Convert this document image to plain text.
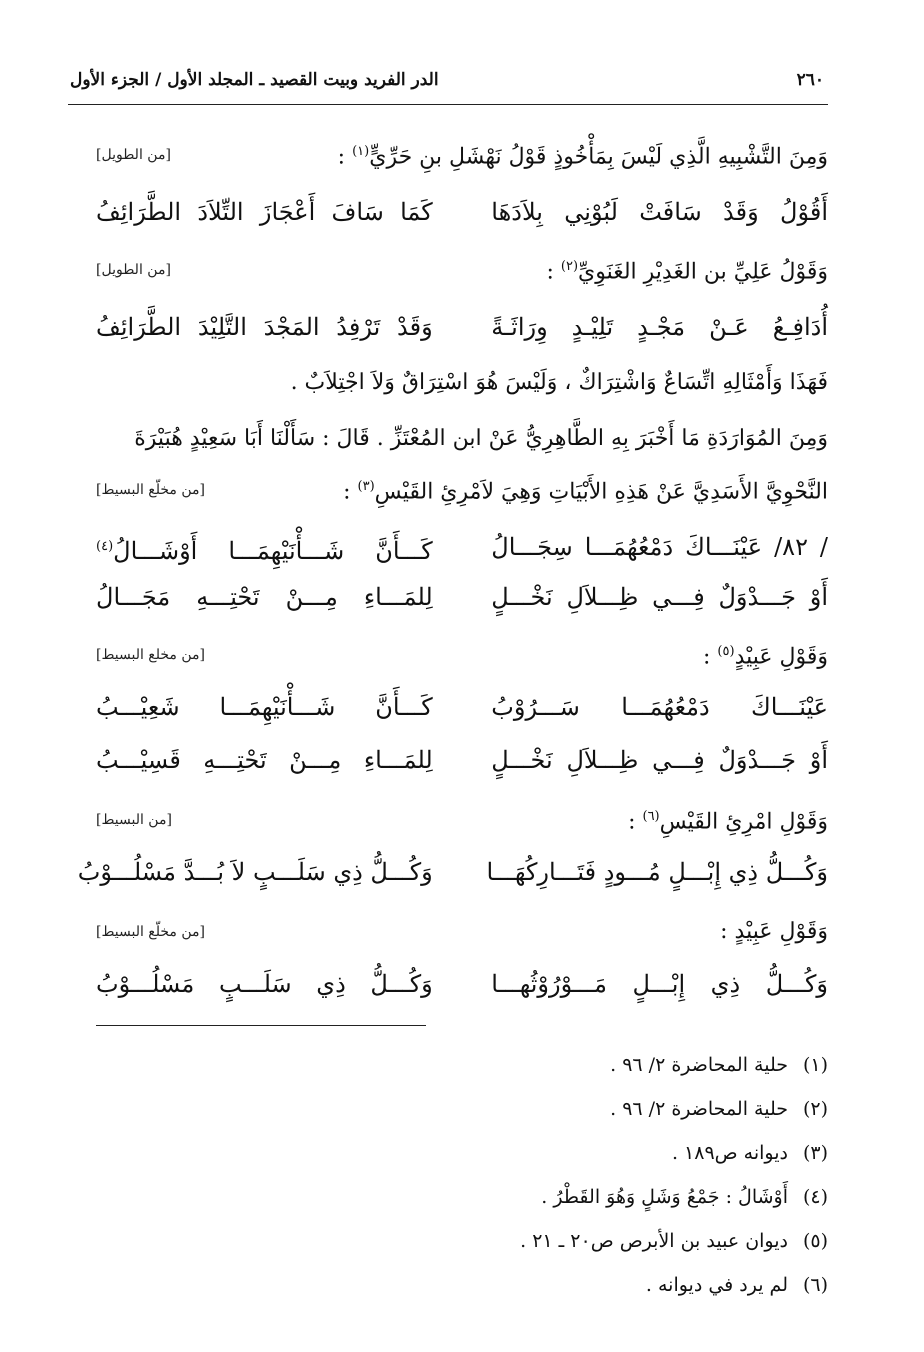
٢٦٠
الدر الفريد وبيت القصيد ـ المجلد الأول / الجزء الأول
وَمِنَ التَّشْبِيهِ الَّذِي لَيْسَ بِمَأْخُوذٍ قَوْلُ نَهْشَلِ بنِ حَرِّيٍّ$^{(١)}$ :
[من الطويل]
أَقُوْلُ وَقَدْ سَافَتْ لَبُوْنِي بِلاَدَهَا
كَمَا سَافَ أَعْجَازَ التِّلاَدَ الطَّرَائِفُ
وَقَوْلُ عَلِيِّ بن الغَدِيْرِ الغَنَوِيِّ$^{(٢)}$ :
[من الطويل]
أُدَافِـعُ عَـنْ مَجْـدٍ تَلِيْـدٍ وِرَاثَـةً
وَقَدْ تَرْفِدُ المَجْدَ التَّلِيْدَ الطَّرَائِفُ
فَهَذَا وَأَمْثَالِهِ اتِّسَاعٌ وَاشْتِرَاكٌ ، وَلَيْسَ هُوَ اسْتِرَاقٌ وَلاَ اجْتِلاَبٌ .
وَمِنَ المُوَارَدَةِ مَا أَخْبَرَ بِهِ الطَّاهِرِيُّ عَنْ ابن المُعْتَزِّ . قَالَ : سَأَلْنَا أَبَا سَعِيْدٍ هُبَيْرَةَ
النَّحْوِيَّ الأَسَدِيَّ عَنْ هَذِهِ الأَبْيَاتِ وَهِيَ لاَمْرِئِ القَيْسِ$^{(٣)}$ :
[من مخلّع البسيط]
/ ٨٢/ عَيْنَـــاكَ دَمْعُهُمَـــا سِجَـــالُ
كَـــأَنَّ شَـــأْنَيْهِمَـــا أَوْشَـــالُ$^{(٤)}$
أَوْ جَـــدْوَلٌ فِـــي ظِـــلاَلِ نَخْـــلٍ
لِلمَـــاءِ مِـــنْ تَحْتِـــهِ مَجَـــالُ
وَقَوْلِ عَبِيْدٍ$^{(٥)}$ :
[من مخلع البسيط]
عَيْنَـــاكَ دَمْعُهُمَـــا سَـــرُوْبُ
كَـــأَنَّ شَـــأْنَيْهِمَـــا شَعِيْـــبُ
أَوْ جَـــدْوَلٌ فِـــي ظِـــلاَلِ نَخْـــلٍ
لِلمَـــاءِ مِـــنْ تَحْتِـــهِ قَسِيْـــبُ
وَقَوْلِ امْرِئِ القَيْسِ$^{(٦)}$ :
[من البسيط]
وَكُـــلُّ ذِي إِبْـــلٍ مُـــودٍ فَتَـــارِكُهَـــا
وَكُـــلُّ ذِي سَلَـــبٍ لاَ بُـــدَّ مَسْلُـــوْبُ
وَقَوْلِ عَبِيْدٍ :
[من مخلّع البسيط]
وَكُـــلُّ ذِي إِبْـــلٍ مَـــوْرُوْثُهـــا
وَكُـــلُّ ذِي سَلَـــبٍ مَسْلُـــوْبُ
(١)حلية المحاضرة ٢/ ٩٦ .
(٢)حلية المحاضرة ٢/ ٩٦ .
(٣)ديوانه ص١٨٩ .
(٤)أَوْشَالُ : جَمْعُ وَشَلٍ وَهُوَ القَطْرُ .
(٥)ديوان عبيد بن الأبرص ص٢٠ ـ ٢١ .
(٦)لم يرد في ديوانه .
